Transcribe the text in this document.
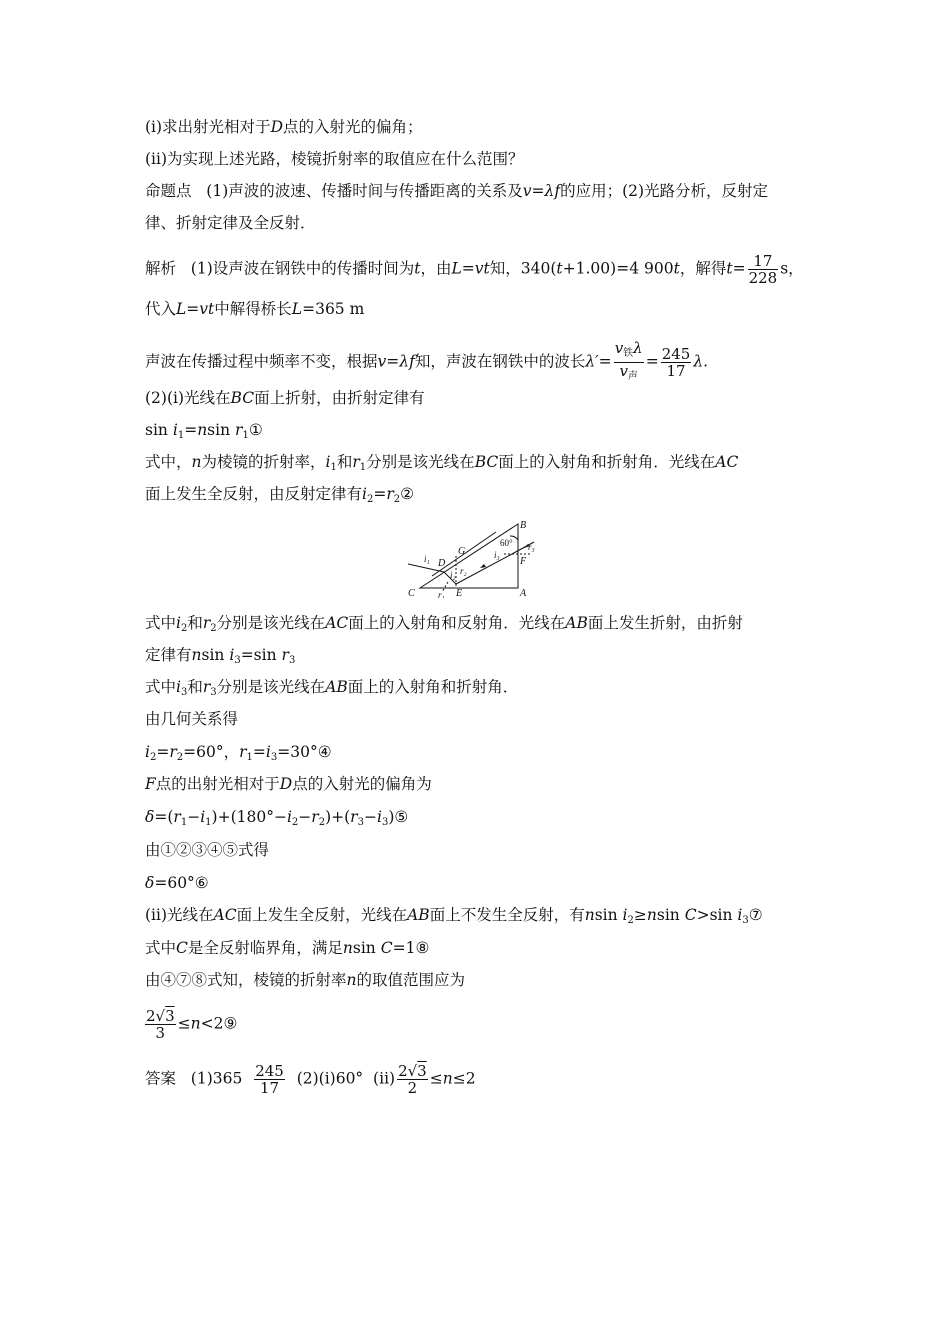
(ⅰ)求出射光相对于D点的入射光的偏角；
(ⅱ)为实现上述光路，棱镜折射率的取值应在什么范围？
命题点 (1)声波的波速、传播时间与传播距离的关系及v=λf的应用；(2)光路分析，反射定
律、折射定律及全反射．
解析 (1)设声波在钢铁中的传播时间为t，由L=vt知，340(t+1.00)=4 900t，解得$t= \frac{17}{228}$ s，
代入L=vt中解得桥长L=365 m
声波在传播过程中频率不变，根据v=λf知，声波在钢铁中的波长$\lambda'= \frac{v_铁\lambda}{v_声} = \frac{245}{17} \lambda$.
(2)(ⅰ)光线在BC面上折射，由折射定律有
$\sin i_1=nsin$ $r_1①$
式中，n为棱镜的折射率，$i_1$和$r_1$分别是该光线在BC面上的入射角和折射角．光线在AC
面上发生全反射，由反射定律有$i_2=r_2②$
B
A
C
D
E
F
G
60°
i₁
i₂
i₃
r₁
r₂
r₃
式中$i_2$和$r_2$分别是该光线在AC面上的入射角和反射角．光线在AB面上发生折射，由折射
定律有nsin $i_3=\sin$ $r_3$
式中$i_3$和$r_3$分别是该光线在AB面上的入射角和折射角．
由几何关系得
$i_2=r_2=60^\circ$，$r_1=i_3=30^\circ ④$
F点的出射光相对于D点的入射光的偏角为
$\delta=(r_1-i_1)+(180^\circ-i_2-r_2)+(r_3-i_3)⑤$
由①②③④⑤式得
δ=60°⑥
(ⅱ)光线在AC面上发生全反射，光线在AB面上不发生全反射，有nsin $i_2\ge nsin$ C>sin $i_3⑦$
式中C是全反射临界角，满足nsin C=1⑧
由④⑦⑧式知，棱镜的折射率n的取值范围应为
$\frac{2√3}{3}$ ≤n<2⑨
答案 $(1)365 \frac{245}{17}$ (2)(ⅰ)60° (ⅱ) $\frac{2√3}{2} \le n\le 2$
